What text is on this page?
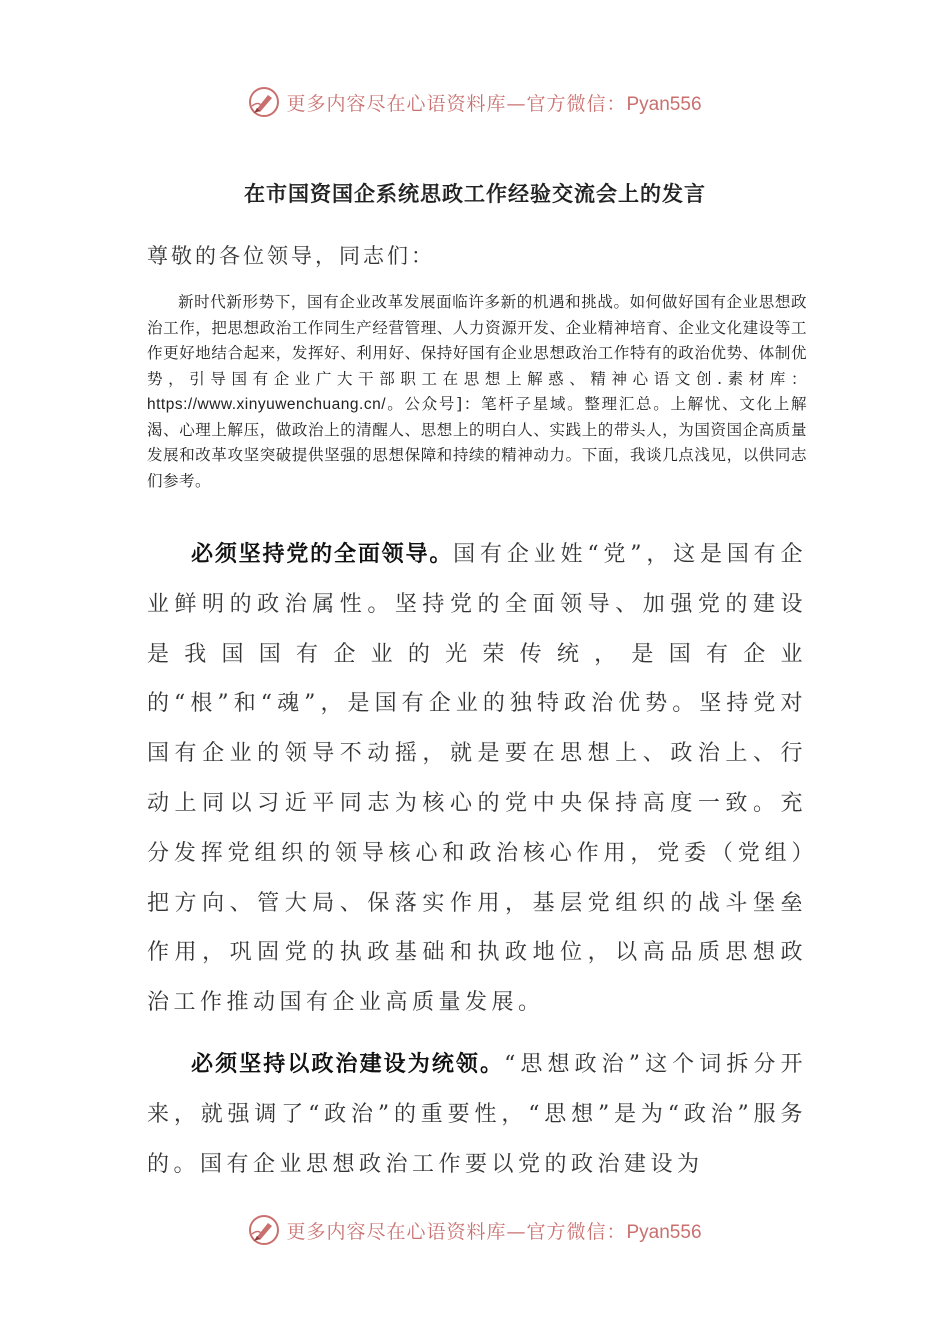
更多内容尽在心语资料库—官方微信：Pyan556
在市国资国企系统思政工作经验交流会上的发言
尊敬的各位领导，同志们：
新时代新形势下，国有企业改革发展面临许多新的机遇和挑战。如何做好国有企业思想政治工作，把思想政治工作同生产经营管理、人力资源开发、企业精神培育、企业文化建设等工作更好地结合起来，发挥好、利用好、保持好国有企业思想政治工作特有的政治优势、体制优势，引导国有企业广大干部职工在思想上解惑、精神心语文创.素材库：https://www.xinyuwenchuang.cn/。公众号]：笔杆子星域。整理汇总。上解忧、文化上解渴、心理上解压，做政治上的清醒人、思想上的明白人、实践上的带头人，为国资国企高质量发展和改革攻坚突破提供坚强的思想保障和持续的精神动力。下面，我谈几点浅见，以供同志们参考。
必须坚持党的全面领导。国有企业姓“党”，这是国有企业鲜明的政治属性。坚持党的全面领导、加强党的建设是我国国有企业的光荣传统，是国有企业的“根”和“魂”，是国有企业的独特政治优势。坚持党对国有企业的领导不动摇，就是要在思想上、政治上、行动上同以习近平同志为核心的党中央保持高度一致。充分发挥党组织的领导核心和政治核心作用，党委（党组）把方向、管大局、保落实作用，基层党组织的战斗堡垒作用，巩固党的执政基础和执政地位，以高品质思想政治工作推动国有企业高质量发展。
必须坚持以政治建设为统领。“思想政治”这个词拆分开来，就强调了“政治”的重要性，“思想”是为“政治”服务的。国有企业思想政治工作要以党的政治建设为
更多内容尽在心语资料库—官方微信：Pyan556
